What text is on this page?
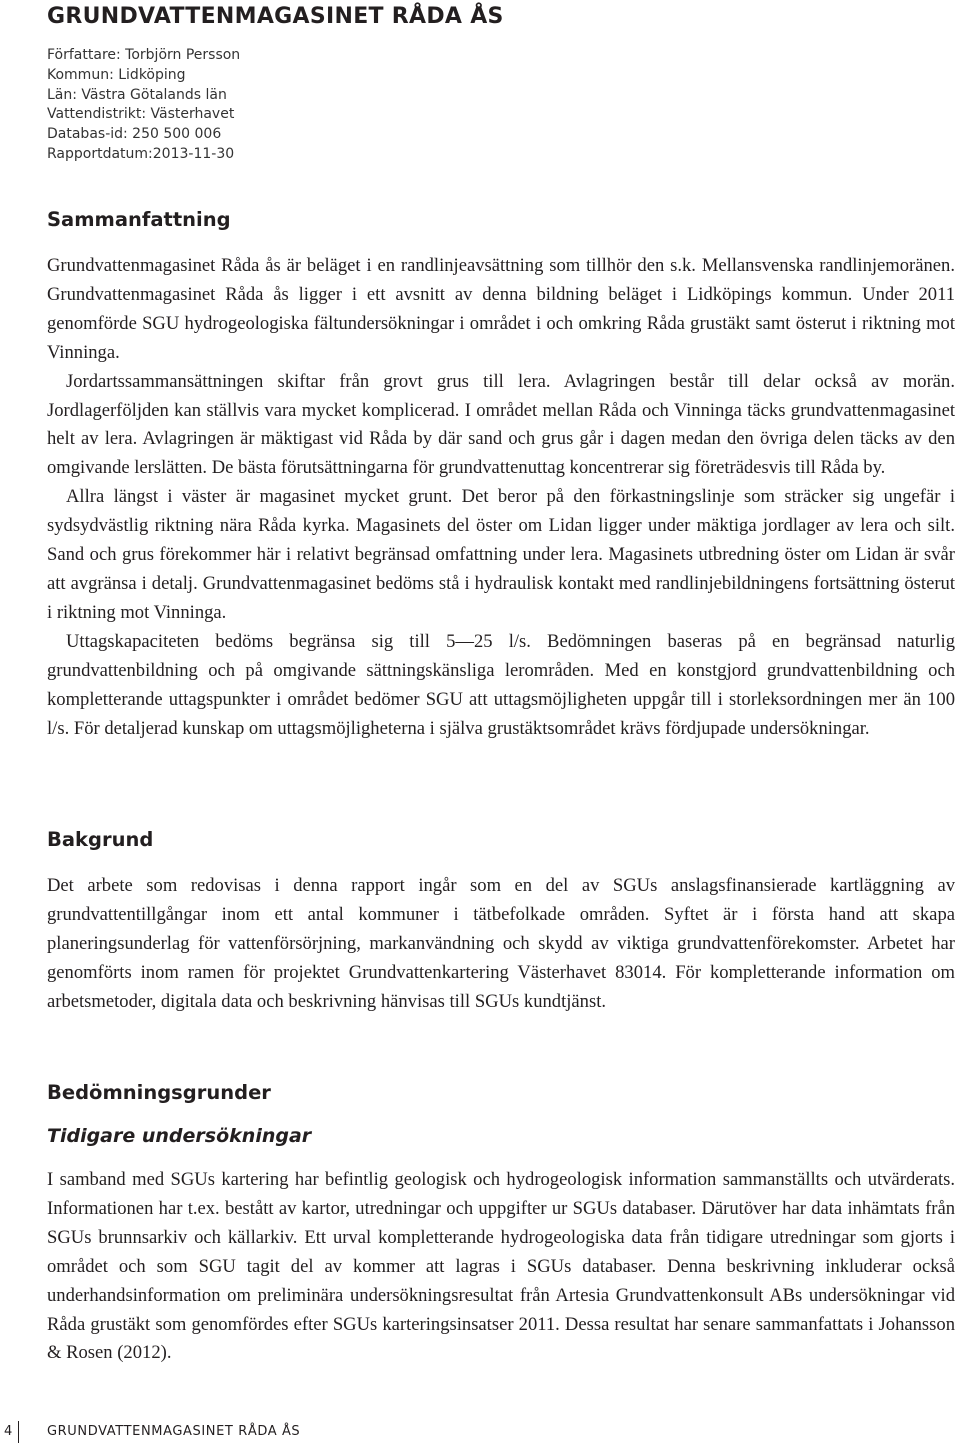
GRUNDVATTENMAGASINET RÅDA ÅS
Författare: Torbjörn Persson
Kommun: Lidköping
Län: Västra Götalands län
Vattendistrikt: Västerhavet
Databas-id: 250 500 006
Rapportdatum:2013-11-30
Sammanfattning

Grundvattenmagasinet Råda ås är beläget i en randlinjeavsättning som tillhör den s.k. Mellansvenska randlinjemoränen. Grundvattenmagasinet Råda ås ligger i ett avsnitt av denna bildning beläget i Lidköpings kommun. Under 2011 genomförde SGU hydrogeologiska fältundersökningar i området i och omkring Råda grustäkt samt österut i riktning mot Vinninga.

Jordartssammansättningen skiftar från grovt grus till lera. Avlagringen består till delar också av morän. Jordlagerföljden kan ställvis vara mycket komplicerad. I området mellan Råda och Vinninga täcks grundvattenmagasinet helt av lera. Avlagringen är mäktigast vid Råda by där sand och grus går i dagen medan den övriga delen täcks av den omgivande lerslätten. De bästa förutsättningarna för grundvattenuttag koncentrerar sig företrädesvis till Råda by.

Allra längst i väster är magasinet mycket grunt. Det beror på den förkastningslinje som sträcker sig ungefär i sydsydvästlig riktning nära Råda kyrka. Magasinets del öster om Lidan ligger under mäktiga jordlager av lera och silt. Sand och grus förekommer här i relativt begränsad omfattning under lera. Magasinets utbredning öster om Lidan är svår att avgränsa i detalj. Grundvattenmagasinet bedöms stå i hydraulisk kontakt med randlinjebildningens fortsättning österut i riktning mot Vinninga.

Uttagskapaciteten bedöms begränsa sig till 5—25 l/s. Bedömningen baseras på en begränsad naturlig grundvattenbildning och på omgivande sättningskänsliga lerområden. Med en konstgjord grundvattenbildning och kompletterande uttagspunkter i området bedömer SGU att uttagsmöjligheten uppgår till i storleksordningen mer än 100 l/s. För detaljerad kunskap om uttagsmöjligheterna i själva grustäktsområdet krävs fördjupade undersökningar.

Bakgrund

Det arbete som redovisas i denna rapport ingår som en del av SGUs anslagsfinansierade kartläggning av grundvattentillgångar inom ett antal kommuner i tätbefolkade områden. Syftet är i första hand att skapa planeringsunderlag för vattenförsörjning, markanvändning och skydd av viktiga grundvattenförekomster. Arbetet har genomförts inom ramen för projektet Grundvattenkartering Västerhavet 83014. För kompletterande information om arbetsmetoder, digitala data och beskrivning hänvisas till SGUs kundtjänst.

Bedömningsgrunder
Tidigare undersökningar

I samband med SGUs kartering har befintlig geologisk och hydrogeologisk information sammanställts och utvärderats. Informationen har t.ex. bestått av kartor, utredningar och uppgifter ur SGUs databaser. Därutöver har data inhämtats från SGUs brunnsarkiv och källarkiv. Ett urval kompletterande hydrogeologiska data från tidigare utredningar som gjorts i området och som SGU tagit del av kommer att lagras i SGUs databaser. Denna beskrivning inkluderar också underhandsinformation om preliminära undersökningsresultat från Artesia Grundvattenkonsult ABs undersökningar vid Råda grustäkt som genomfördes efter SGUs karteringsinsatser 2011. Dessa resultat har senare sammanfattats i Johansson & Rosen (2012).

4	GRUNDVATTENMAGASINET RÅDA ÅS
